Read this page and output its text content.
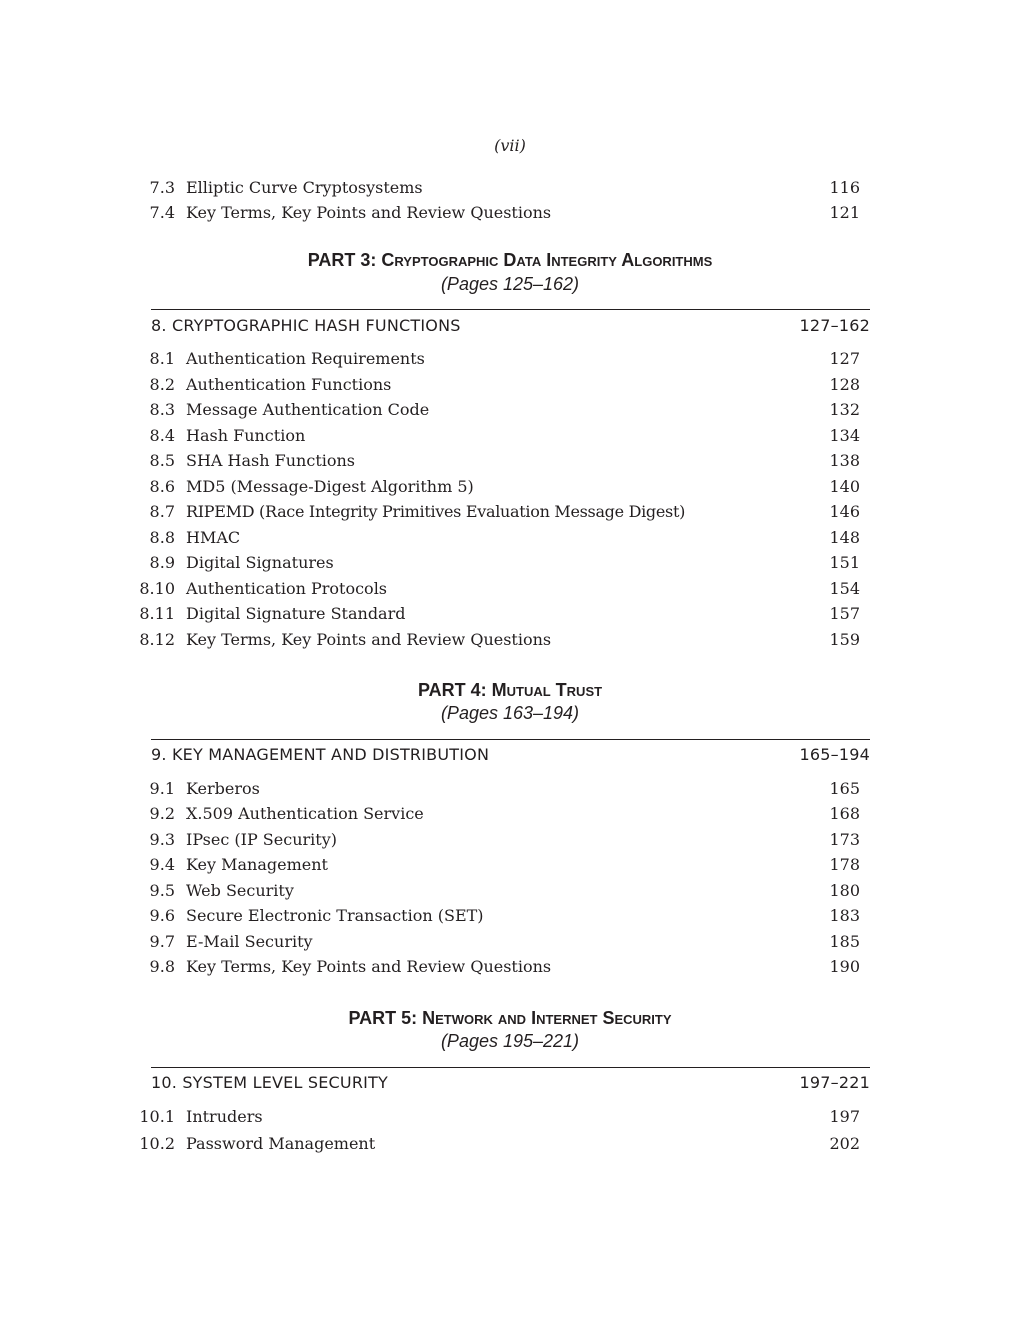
(vii)
7.3 Elliptic Curve Cryptosystems	116
7.4 Key Terms, Key Points and Review Questions	121
PART 3: Cryptographic Data Integrity Algorithms
(Pages 125–162)
8. CRYPTOGRAPHIC HASH FUNCTIONS	127–162
8.1 Authentication Requirements	127
8.2 Authentication Functions	128
8.3 Message Authentication Code	132
8.4 Hash Function	134
8.5 SHA Hash Functions	138
8.6 MD5 (Message-Digest Algorithm 5)	140
8.7 RIPEMD (Race Integrity Primitives Evaluation Message Digest)	146
8.8 HMAC	148
8.9 Digital Signatures	151
8.10 Authentication Protocols	154
8.11 Digital Signature Standard	157
8.12 Key Terms, Key Points and Review Questions	159
PART 4: Mutual Trust
(Pages 163–194)
9. KEY MANAGEMENT AND DISTRIBUTION	165–194
9.1 Kerberos	165
9.2 X.509 Authentication Service	168
9.3 IPsec (IP Security)	173
9.4 Key Management	178
9.5 Web Security	180
9.6 Secure Electronic Transaction (SET)	183
9.7 E-Mail Security	185
9.8 Key Terms, Key Points and Review Questions	190
PART 5: Network and Internet Security
(Pages 195–221)
10. SYSTEM LEVEL SECURITY	197–221
10.1 Intruders	197
10.2 Password Management	202
